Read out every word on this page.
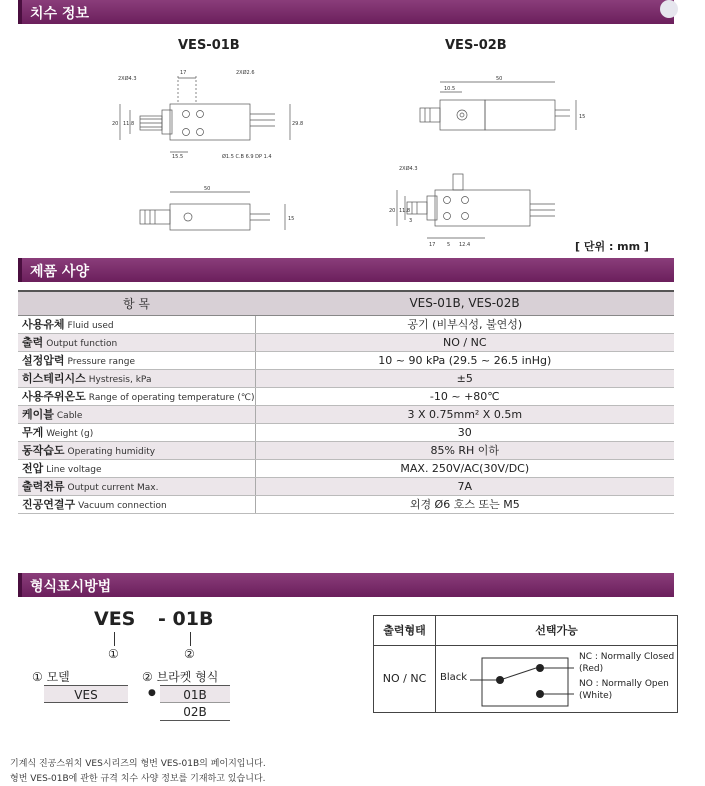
치수 정보
VES-01B	VES-02B
2XØ4.3
17	2XØ2.6
20 11.8	29.8
15.5	Ø1.5 C.B 6.9 DP 1.4
50
15
50
10.5
15
2XØ4.3
20 11.8
3
17 5 12.4	[ 단위 : mm ]
제품 사양
항 목	VES-01B, VES-02B
사용유체 Fluid used	공기 (비부식성, 불연성)
출력 Output function	NO / NC
설정압력 Pressure range	10 ~ 90 kPa (29.5 ~ 26.5 inHg)
히스테리시스 Hystresis, kPa	±5
사용주위온도 Range of operating temperature (℃)	-10 ~ +80℃
케이블 Cable	3 X 0.75mm² X 0.5m
무게 Weight (g)	30
동작습도 Operating humidity	85% RH 이하
전압 Line voltage	MAX. 250V/AC(30V/DC)
출력전류 Output current Max.	7A
진공연결구 Vacuum connection	외경 Ø6 호스 또는 M5
형식표시방법
VES - 01B
①	②
① 모델
VES
② 브라켓 형식
●	01B
02B
출력형태	선택가능
NO / NC	Black
NC : Normally Closed
(Red)
NO : Normally Open
(White)
기계식 진공스위치 VES시리즈의 형번 VES-01B의 페이지입니다.
형번 VES-01B에 관한 규격 치수 사양 정보를 기재하고 있습니다.
